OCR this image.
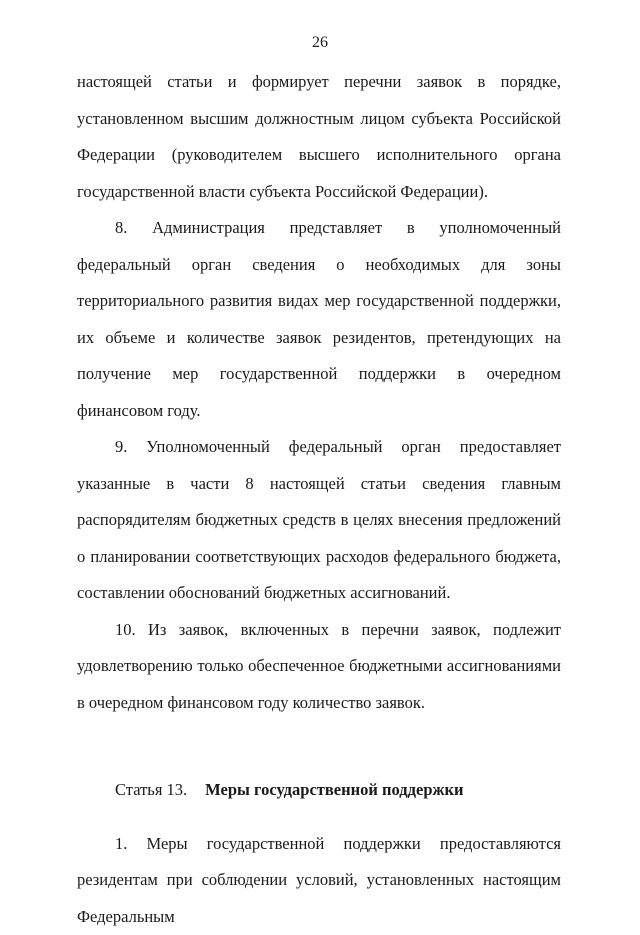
26

настоящей статьи и формирует перечни заявок в порядке, установленном высшим должностным лицом субъекта Российской Федерации (руководителем высшего исполнительного органа государственной власти субъекта Российской Федерации).

8. Администрация представляет в уполномоченный федеральный орган сведения о необходимых для зоны территориального развития видах мер государственной поддержки, их объеме и количестве заявок резидентов, претендующих на получение мер государственной поддержки в очередном финансовом году.

9. Уполномоченный федеральный орган предоставляет указанные в части 8 настоящей статьи сведения главным распорядителям бюджетных средств в целях внесения предложений о планировании соответствующих расходов федерального бюджета, составлении обоснований бюджетных ассигнований.

10. Из заявок, включенных в перечни заявок, подлежит удовлетворению только обеспеченное бюджетными ассигнованиями в очередном финансовом году количество заявок.

Статья 13. Меры государственной поддержки

1. Меры государственной поддержки предоставляются резидентам при соблюдении условий, установленных настоящим Федеральным
